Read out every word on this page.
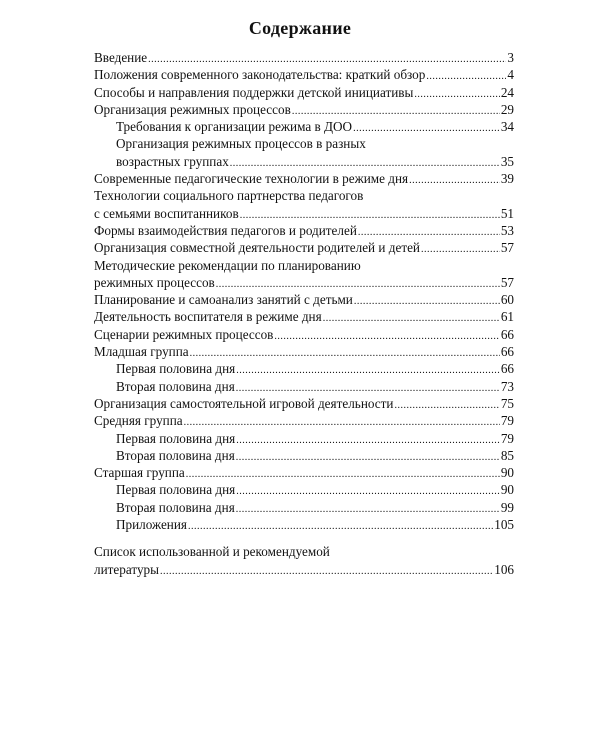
Содержание
Введение .....	3
Положения современного законодательства: краткий обзор .....	4
Способы и направления поддержки детской инициативы .....	24
Организация режимных процессов .....	29
Требования к организации режима в ДОО .....	34
Организация режимных процессов в разных
возрастных группах .....	35
Современные педагогические технологии в режиме дня .....	39
Технологии социального партнерства педагогов
с семьями воспитанников .....	51
Формы взаимодействия педагогов и родителей .....	53
Организация совместной деятельности родителей и детей .....	57
Методические рекомендации по планированию
режимных процессов .....	57
Планирование и самоанализ занятий с детьми .....	60
Деятельность воспитателя в режиме дня .....	61
Сценарии режимных процессов .....	66
Младшая группа .....	66
Первая половина дня .....	66
Вторая половина дня .....	73
Организация самостоятельной игровой деятельности .....	75
Средняя группа .....	79
Первая половина дня .....	79
Вторая половина дня .....	85
Старшая группа .....	90
Первая половина дня .....	90
Вторая половина дня .....	99
Приложения .....	105
Список использованной и рекомендуемой
литературы .....	106
